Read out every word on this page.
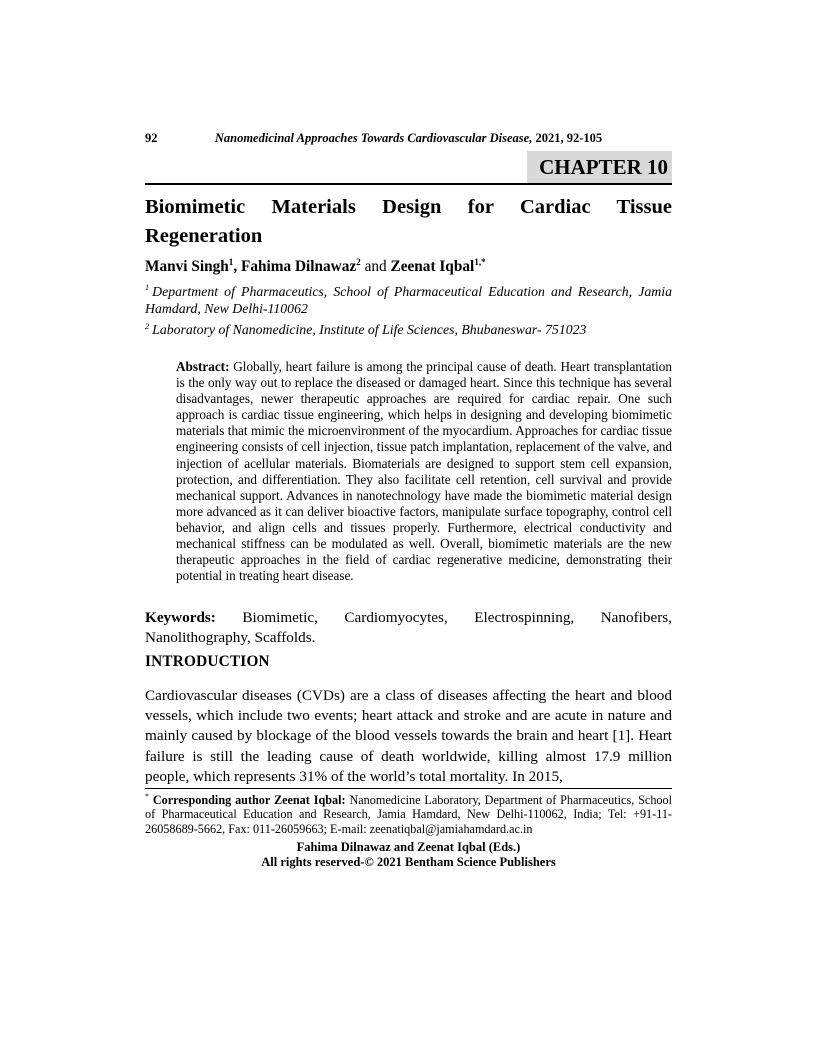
92	Nanomedicinal Approaches Towards Cardiovascular Disease, 2021, 92-105
CHAPTER 10
Biomimetic Materials Design for Cardiac Tissue Regeneration

Manvi Singh$^1$, Fahima Dilnawaz$^2$ and Zeenat Iqbal$^{1,*}$

$^1$ Department of Pharmaceutics, School of Pharmaceutical Education and Research, Jamia Hamdard, New Delhi-110062

$^2$ Laboratory of Nanomedicine, Institute of Life Sciences, Bhubaneswar- 751023

Abstract: Globally, heart failure is among the principal cause of death. Heart transplantation is the only way out to replace the diseased or damaged heart. Since this technique has several disadvantages, newer therapeutic approaches are required for cardiac repair. One such approach is cardiac tissue engineering, which helps in designing and developing biomimetic materials that mimic the microenvironment of the myocardium. Approaches for cardiac tissue engineering consists of cell injection, tissue patch implantation, replacement of the valve, and injection of acellular materials. Biomaterials are designed to support stem cell expansion, protection, and differentiation. They also facilitate cell retention, cell survival and provide mechanical support. Advances in nanotechnology have made the biomimetic material design more advanced as it can deliver bioactive factors, manipulate surface topography, control cell behavior, and align cells and tissues properly. Furthermore, electrical conductivity and mechanical stiffness can be modulated as well. Overall, biomimetic materials are the new therapeutic approaches in the field of cardiac regenerative medicine, demonstrating their potential in treating heart disease.

Keywords: Biomimetic, Cardiomyocytes, Electrospinning, Nanofibers, Nanolithography, Scaffolds.

INTRODUCTION

Cardiovascular diseases (CVDs) are a class of diseases affecting the heart and blood vessels, which include two events; heart attack and stroke and are acute in nature and mainly caused by blockage of the blood vessels towards the brain and heart [1]. Heart failure is still the leading cause of death worldwide, killing almost 17.9 million people, which represents 31% of the world’s total mortality. In 2015,

* Corresponding author Zeenat Iqbal: Nanomedicine Laboratory, Department of Pharmaceutics, School of Pharmaceutical Education and Research, Jamia Hamdard, New Delhi-110062, India; Tel: +91-11-26058689-5662, Fax: 011-26059663; E-mail: zeenatiqbal@jamiahamdard.ac.in
Fahima Dilnawaz and Zeenat Iqbal (Eds.)
All rights reserved-© 2021 Bentham Science Publishers
